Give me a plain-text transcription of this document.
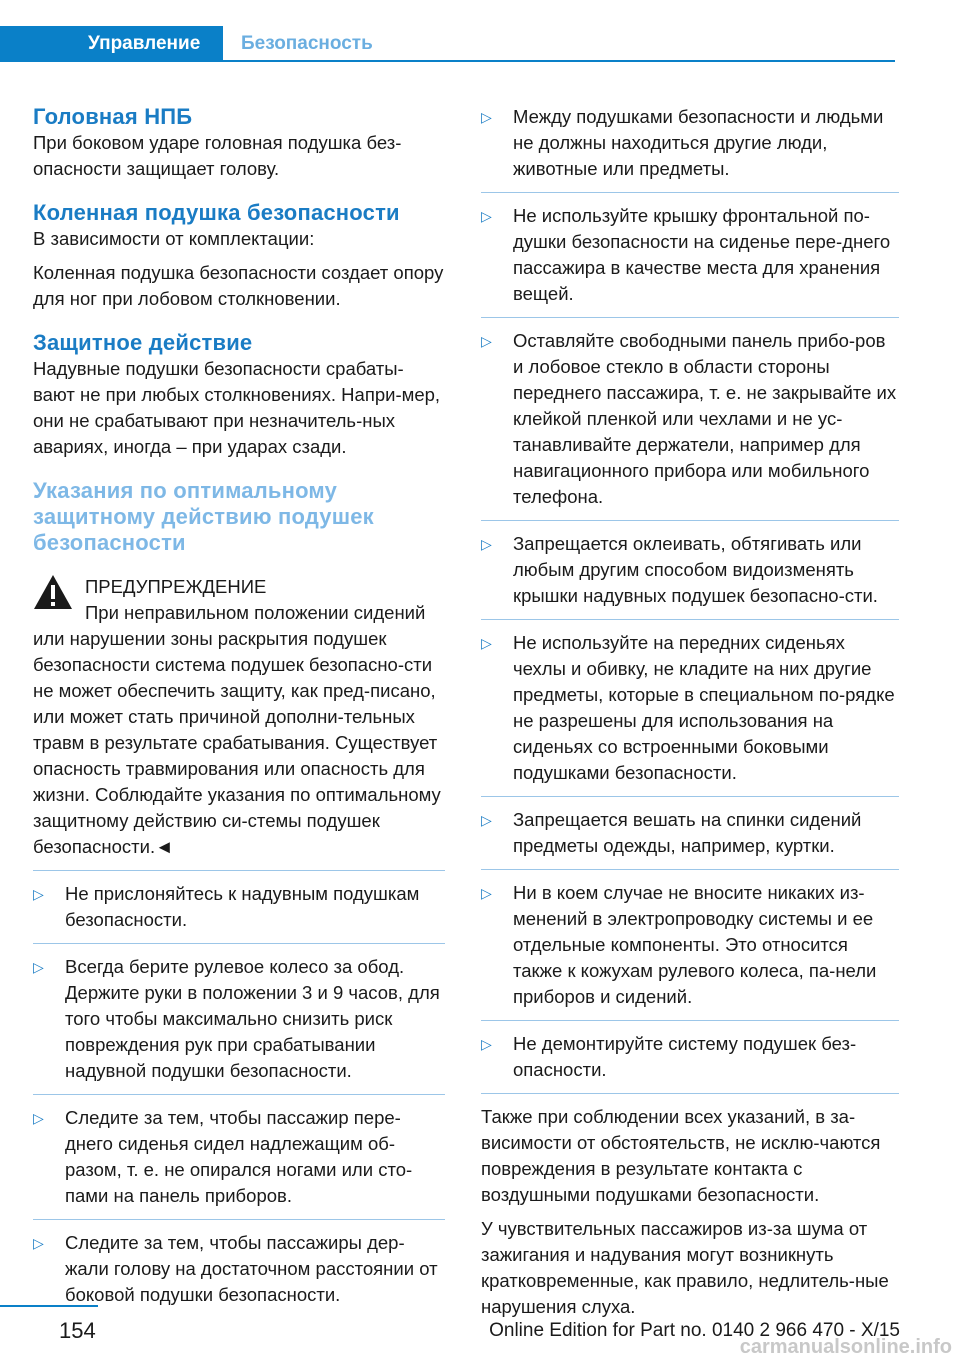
Управление	Безопасность
Головная НПБ

При боковом ударе головная подушка без-опасности защищает голову.

Коленная подушка безопасности

В зависимости от комплектации:

Коленная подушка безопасности создает опору для ног при лобовом столкновении.

Защитное действие

Надувные подушки безопасности срабаты-вают не при любых столкновениях. Напри-мер, они не срабатывают при незначитель-ных авариях, иногда – при ударах сзади.

Указания по оптимальному защитному действию подушек безопасности
ПРЕДУПРЕЖДЕНИЕ
При неправильном положении сидений
или нарушении зоны раскрытия подушек безопасности система подушек безопасно-сти не может обеспечить защиту, как пред-писано, или может стать причиной дополни-тельных травм в результате срабатывания. Существует опасность травмирования или опасность для жизни. Соблюдайте указания по оптимальному защитному действию си-стемы подушек безопасности.◄
▷ Не прислоняйтесь к надувным подушкам безопасности.
▷ Всегда берите рулевое колесо за обод. Держите руки в положении 3 и 9 часов, для того чтобы максимально снизить риск повреждения рук при срабатывании надувной подушки безопасности.
▷ Следите за тем, чтобы пассажир пере-днего сиденья сидел надлежащим об-разом, т. е. не опирался ногами или сто-пами на панель приборов.
▷ Следите за тем, чтобы пассажиры дер-жали голову на достаточном расстоянии от боковой подушки безопасности.
▷ Между подушками безопасности и людьми не должны находиться другие люди, животные или предметы.
▷ Не используйте крышку фронтальной по-душки безопасности на сиденье пере-днего пассажира в качестве места для хранения вещей.
▷ Оставляйте свободными панель прибо-ров и лобовое стекло в области стороны переднего пассажира, т. е. не закрывайте их клейкой пленкой или чехлами и не ус-танавливайте держатели, например для навигационного прибора или мобильного телефона.
▷ Запрещается оклеивать, обтягивать или любым другим способом видоизменять крышки надувных подушек безопасно-сти.
▷ Не используйте на передних сиденьях чехлы и обивку, не кладите на них другие предметы, которые в специальном по-рядке не разрешены для использования на сиденьях со встроенными боковыми подушками безопасности.
▷ Запрещается вешать на спинки сидений предметы одежды, например, куртки.
▷ Ни в коем случае не вносите никаких из-менений в электропроводку системы и ее отдельные компоненты. Это относится также к кожухам рулевого колеса, па-нели приборов и сидений.
▷ Не демонтируйте систему подушек без-опасности.

Также при соблюдении всех указаний, в за-висимости от обстоятельств, не исклю-чаются повреждения в результате контакта с воздушными подушками безопасности.

У чувствительных пассажиров из-за шума от зажигания и надувания могут возникнуть кратковременные, как правило, недлитель-ные нарушения слуха.

154	Online Edition for Part no. 0140 2 966 470 - X/15
carmanualsonline.info
